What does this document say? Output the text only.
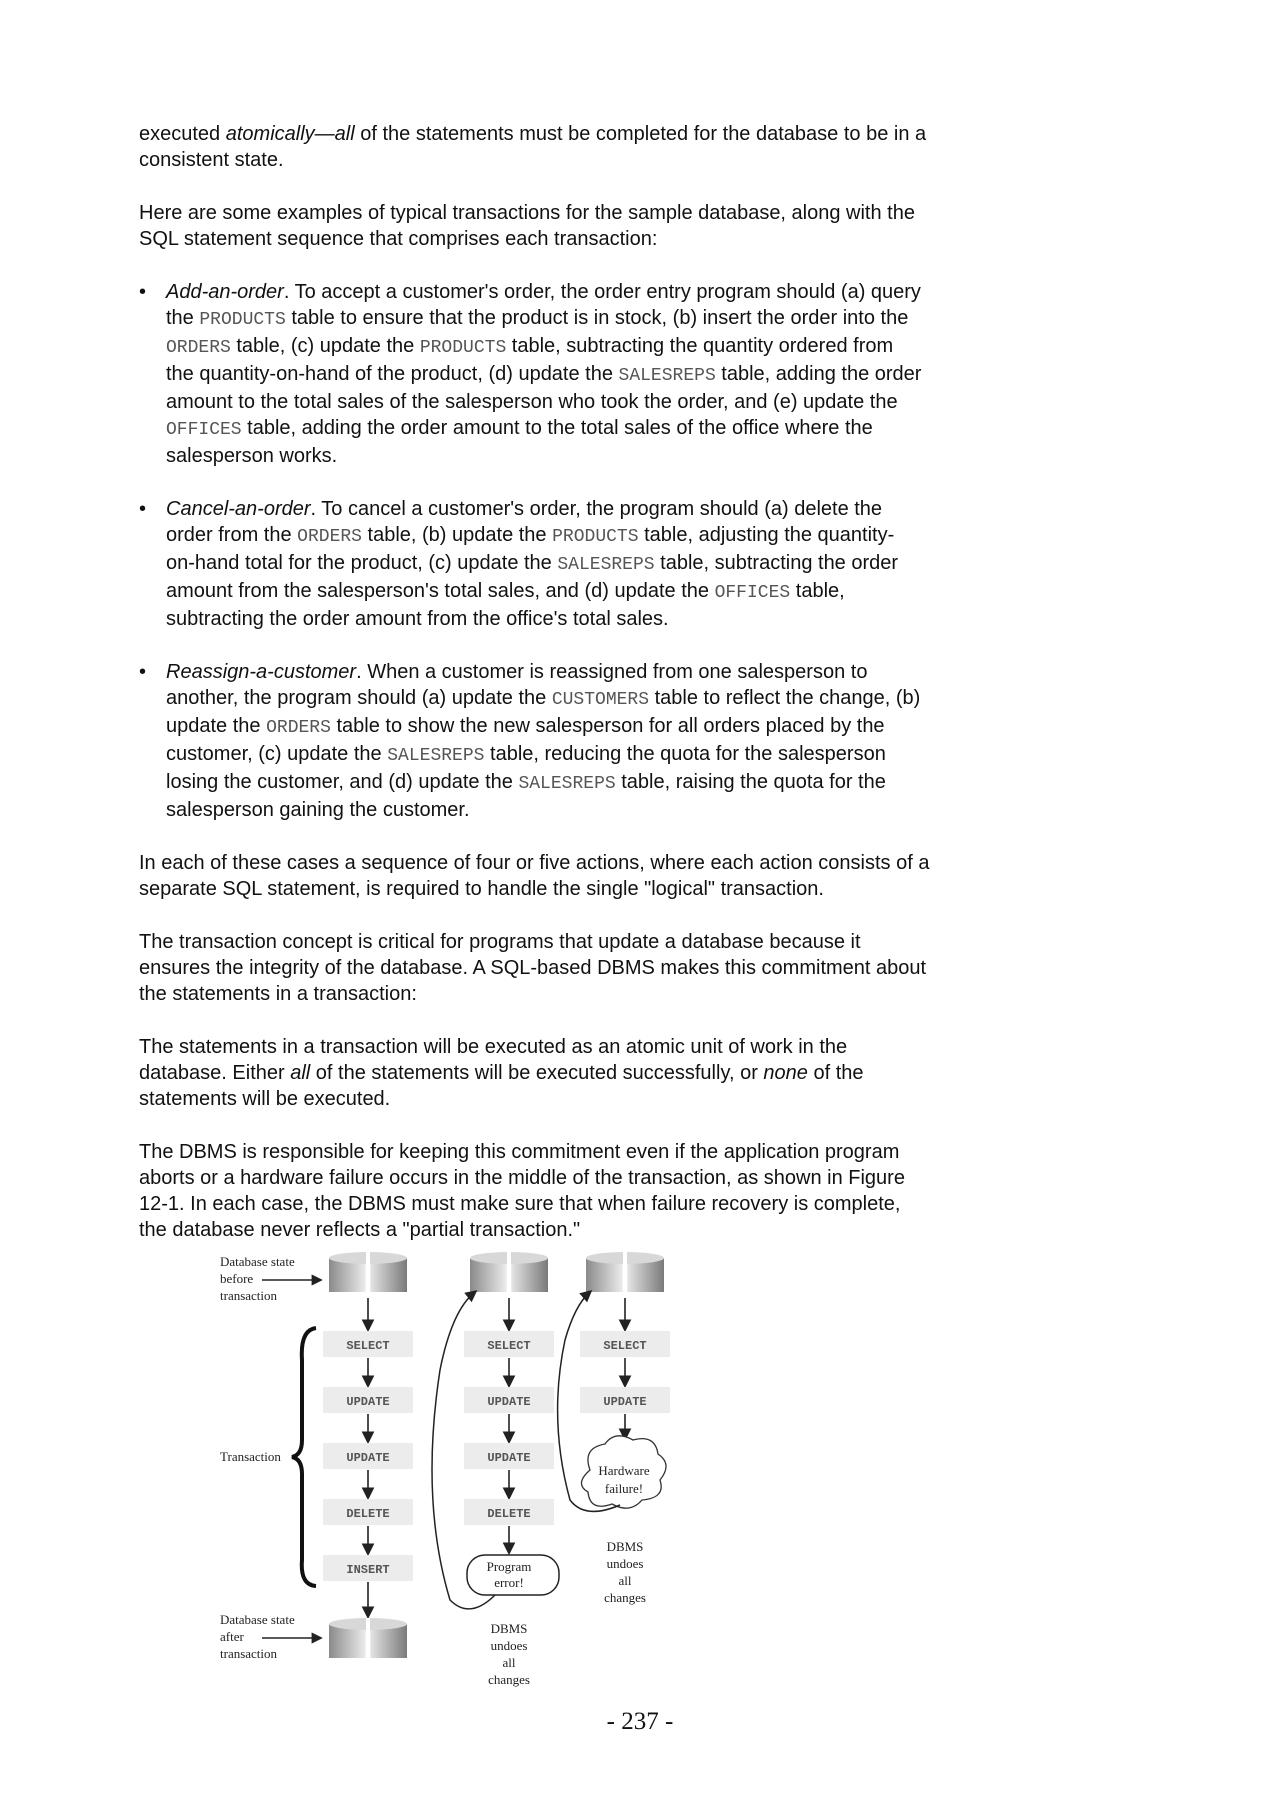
executed atomically—all of the statements must be completed for the database to be in a
consistent state.
Here are some examples of typical transactions for the sample database, along with the
SQL statement sequence that comprises each transaction:
• Add-an-order. To accept a customer's order, the order entry program should (a) query
the PRODUCTS table to ensure that the product is in stock, (b) insert the order into the
ORDERS table, (c) update the PRODUCTS table, subtracting the quantity ordered from
the quantity-on-hand of the product, (d) update the SALESREPS table, adding the order
amount to the total sales of the salesperson who took the order, and (e) update the
OFFICES table, adding the order amount to the total sales of the office where the
salesperson works.
• Cancel-an-order. To cancel a customer's order, the program should (a) delete the
order from the ORDERS table, (b) update the PRODUCTS table, adjusting the quantity-
on-hand total for the product, (c) update the SALESREPS table, subtracting the order
amount from the salesperson's total sales, and (d) update the OFFICES table,
subtracting the order amount from the office's total sales.
• Reassign-a-customer. When a customer is reassigned from one salesperson to
another, the program should (a) update the CUSTOMERS table to reflect the change, (b)
update the ORDERS table to show the new salesperson for all orders placed by the
customer, (c) update the SALESREPS table, reducing the quota for the salesperson
losing the customer, and (d) update the SALESREPS table, raising the quota for the
salesperson gaining the customer.
In each of these cases a sequence of four or five actions, where each action consists of a
separate SQL statement, is required to handle the single "logical" transaction.
The transaction concept is critical for programs that update a database because it
ensures the integrity of the database. A SQL-based DBMS makes this commitment about
the statements in a transaction:
The statements in a transaction will be executed as an atomic unit of work in the
database. Either all of the statements will be executed successfully, or none of the
statements will be executed.
The DBMS is responsible for keeping this commitment even if the application program
aborts or a hardware failure occurs in the middle of the transaction, as shown in Figure
12-1. In each case, the DBMS must make sure that when failure recovery is complete,
the database never reflects a "partial transaction."
SELECT
UPDATE
UPDATE
DELETE
INSERT
SELECT
UPDATE
UPDATE
DELETE
SELECT
UPDATE
Database state
before
transaction
Database state
after
transaction
Transaction
Program
error!
DBMS
undoes
all
changes
Hardware
failure!
DBMS
undoes
all
changes
- 237 -
